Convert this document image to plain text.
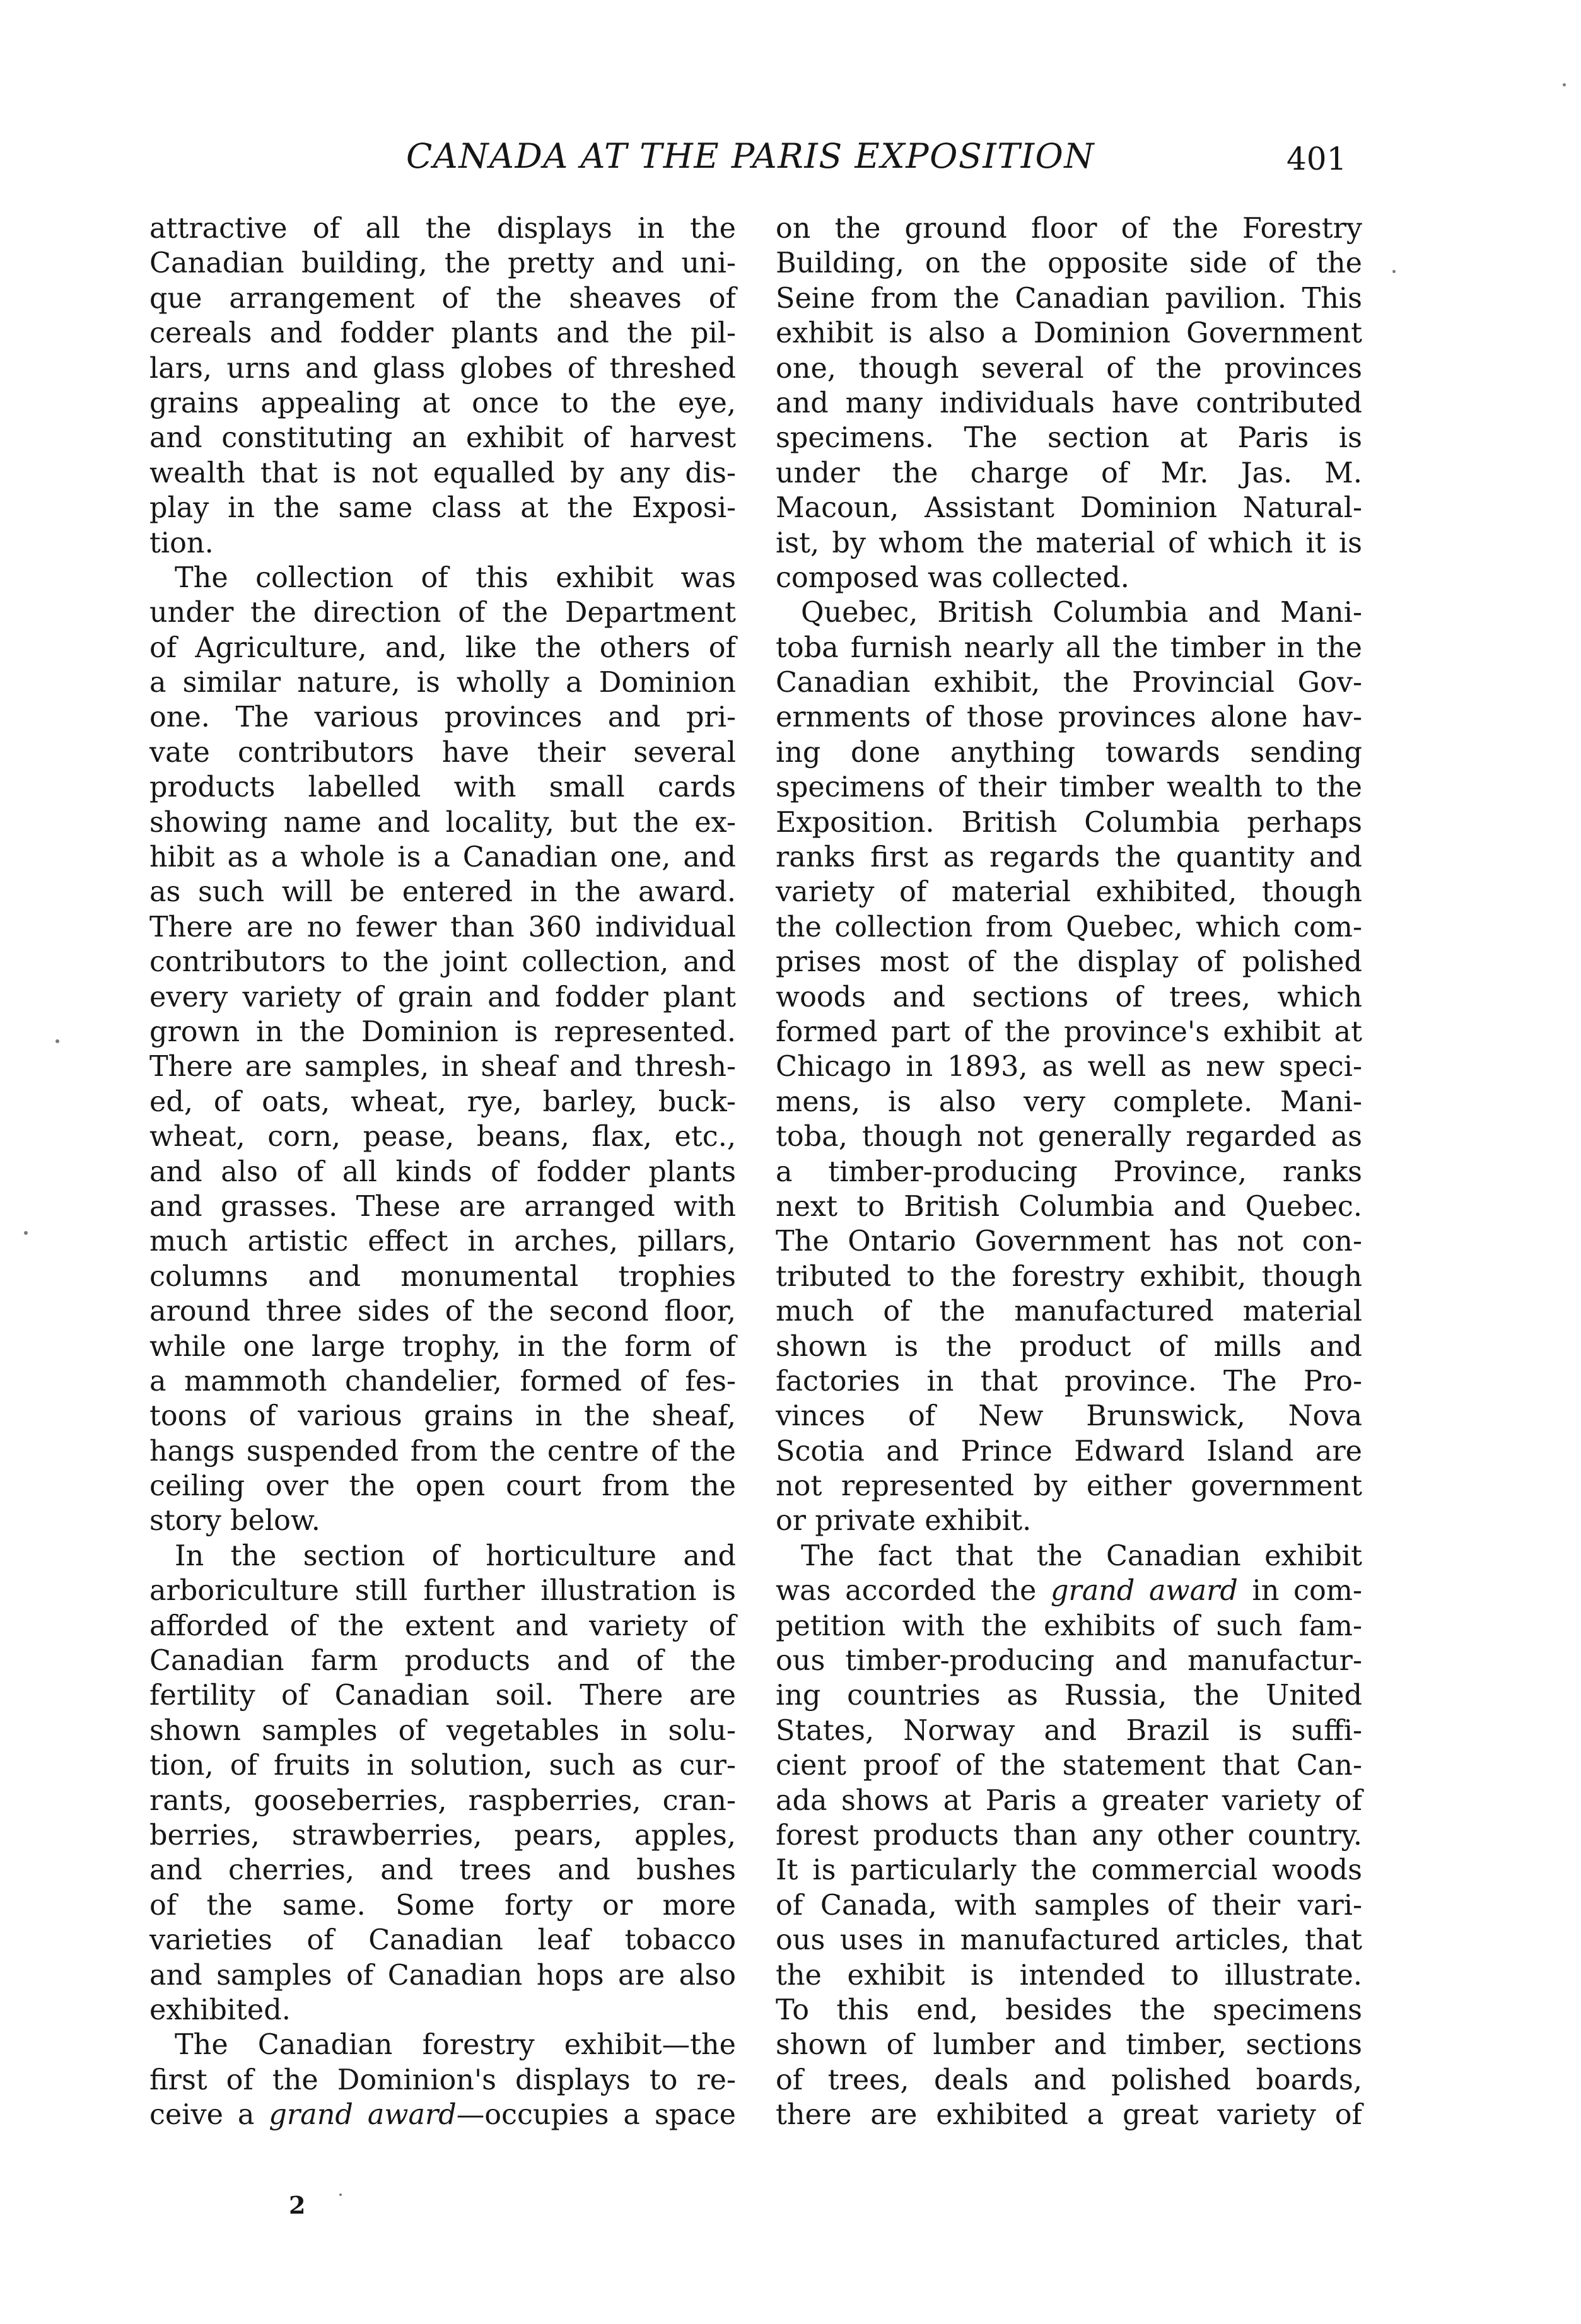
CANADA AT THE PARIS EXPOSITION	401
attractive of all the displays in the
Canadian building, the pretty and uni-
que arrangement of the sheaves of
cereals and fodder plants and the pil-
lars, urns and glass globes of threshed
grains appealing at once to the eye,
and constituting an exhibit of harvest
wealth that is not equalled by any dis-
play in the same class at the Exposi-
tion.
The collection of this exhibit was
under the direction of the Department
of Agriculture, and, like the others of
a similar nature, is wholly a Dominion
one. The various provinces and pri-
vate contributors have their several
products labelled with small cards
showing name and locality, but the ex-
hibit as a whole is a Canadian one, and
as such will be entered in the award.
There are no fewer than 360 individual
contributors to the joint collection, and
every variety of grain and fodder plant
grown in the Dominion is represented.
There are samples, in sheaf and thresh-
ed, of oats, wheat, rye, barley, buck-
wheat, corn, pease, beans, flax, etc.,
and also of all kinds of fodder plants
and grasses. These are arranged with
much artistic effect in arches, pillars,
columns and monumental trophies
around three sides of the second floor,
while one large trophy, in the form of
a mammoth chandelier, formed of fes-
toons of various grains in the sheaf,
hangs suspended from the centre of the
ceiling over the open court from the
story below.
In the section of horticulture and
arboriculture still further illustration is
afforded of the extent and variety of
Canadian farm products and of the
fertility of Canadian soil. There are
shown samples of vegetables in solu-
tion, of fruits in solution, such as cur-
rants, gooseberries, raspberries, cran-
berries, strawberries, pears, apples,
and cherries, and trees and bushes
of the same. Some forty or more
varieties of Canadian leaf tobacco
and samples of Canadian hops are also
exhibited.
The Canadian forestry exhibit—the
first of the Dominion's displays to re-
ceive a grand award—occupies a space
on the ground floor of the Forestry
Building, on the opposite side of the
Seine from the Canadian pavilion. This
exhibit is also a Dominion Government
one, though several of the provinces
and many individuals have contributed
specimens. The section at Paris is
under the charge of Mr. Jas. M.
Macoun, Assistant Dominion Natural-
ist, by whom the material of which it is
composed was collected.
Quebec, British Columbia and Mani-
toba furnish nearly all the timber in the
Canadian exhibit, the Provincial Gov-
ernments of those provinces alone hav-
ing done anything towards sending
specimens of their timber wealth to the
Exposition. British Columbia perhaps
ranks first as regards the quantity and
variety of material exhibited, though
the collection from Quebec, which com-
prises most of the display of polished
woods and sections of trees, which
formed part of the province's exhibit at
Chicago in 1893, as well as new speci-
mens, is also very complete. Mani-
toba, though not generally regarded as
a timber-producing Province, ranks
next to British Columbia and Quebec.
The Ontario Government has not con-
tributed to the forestry exhibit, though
much of the manufactured material
shown is the product of mills and
factories in that province. The Pro-
vinces of New Brunswick, Nova
Scotia and Prince Edward Island are
not represented by either government
or private exhibit.
The fact that the Canadian exhibit
was accorded the grand award in com-
petition with the exhibits of such fam-
ous timber-producing and manufactur-
ing countries as Russia, the United
States, Norway and Brazil is suffi-
cient proof of the statement that Can-
ada shows at Paris a greater variety of
forest products than any other country.
It is particularly the commercial woods
of Canada, with samples of their vari-
ous uses in manufactured articles, that
the exhibit is intended to illustrate.
To this end, besides the specimens
shown of lumber and timber, sections
of trees, deals and polished boards,
there are exhibited a great variety of
2
